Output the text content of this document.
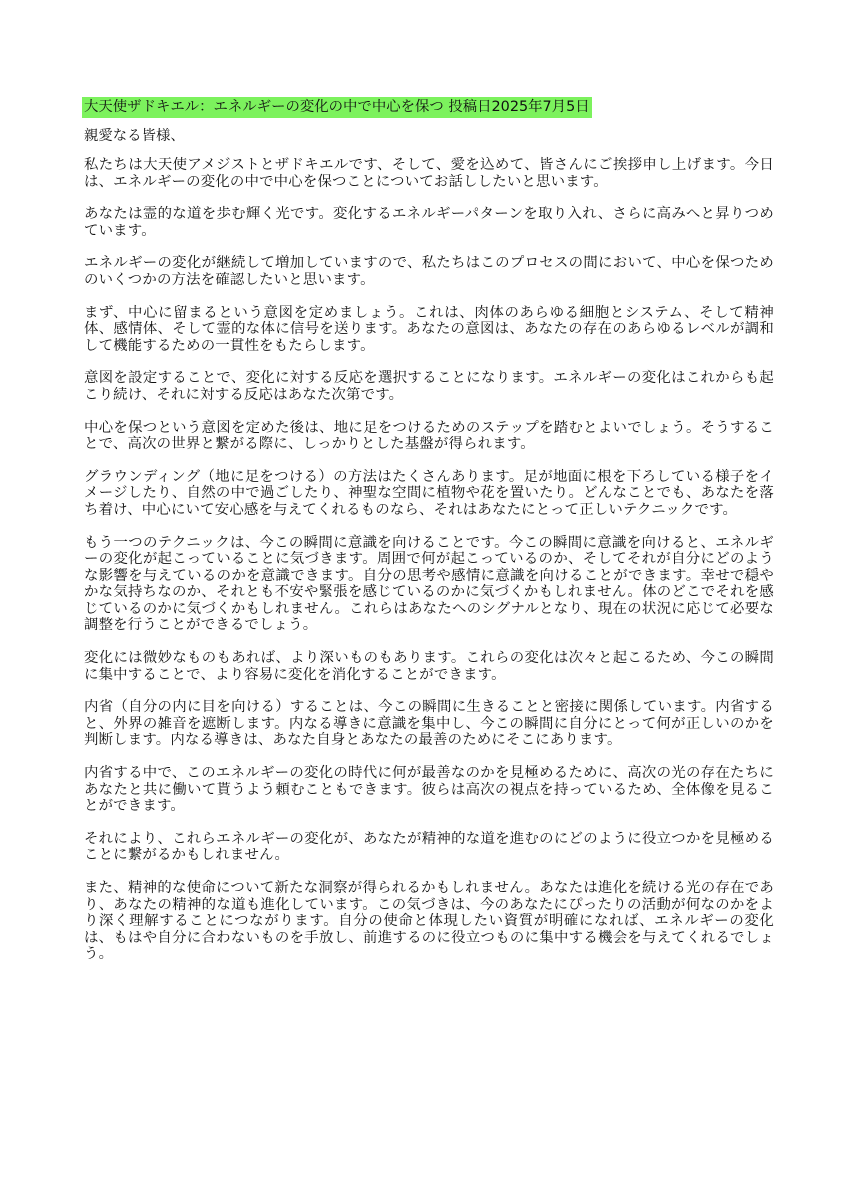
大天使ザドキエル：エネルギーの変化の中で中心を保つ 投稿日2025年7月5日
親愛なる皆様、

私たちは大天使アメジストとザドキエルです、そして、愛を込めて、皆さんにご挨拶申し上げます。今日は、エネルギーの変化の中で中心を保つことについてお話ししたいと思います。

あなたは霊的な道を歩む輝く光です。変化するエネルギーパターンを取り入れ、さらに高みへと昇りつめています。

エネルギーの変化が継続して増加していますので、私たちはこのプロセスの間において、中心を保つためのいくつかの方法を確認したいと思います。

まず、中心に留まるという意図を定めましょう。これは、肉体のあらゆる細胞とシステム、そして精神体、感情体、そして霊的な体に信号を送ります。あなたの意図は、あなたの存在のあらゆるレベルが調和して機能するための一貫性をもたらします。

意図を設定することで、変化に対する反応を選択することになります。エネルギーの変化はこれからも起こり続け、それに対する反応はあなた次第です。

中心を保つという意図を定めた後は、地に足をつけるためのステップを踏むとよいでしょう。そうすることで、高次の世界と繋がる際に、しっかりとした基盤が得られます。

グラウンディング（地に足をつける）の方法はたくさんあります。足が地面に根を下ろしている様子をイメージしたり、自然の中で過ごしたり、神聖な空間に植物や花を置いたり。どんなことでも、あなたを落ち着け、中心にいて安心感を与えてくれるものなら、それはあなたにとって正しいテクニックです。

もう一つのテクニックは、今この瞬間に意識を向けることです。今この瞬間に意識を向けると、エネルギーの変化が起こっていることに気づきます。周囲で何が起こっているのか、そしてそれが自分にどのような影響を与えているのかを意識できます。自分の思考や感情に意識を向けることができます。幸せで穏やかな気持ちなのか、それとも不安や緊張を感じているのかに気づくかもしれません。体のどこでそれを感じているのかに気づくかもしれません。これらはあなたへのシグナルとなり、現在の状況に応じて必要な調整を行うことができるでしょう。

変化には微妙なものもあれば、より深いものもあります。これらの変化は次々と起こるため、今この瞬間に集中することで、より容易に変化を消化することができます。

内省（自分の内に目を向ける）することは、今この瞬間に生きることと密接に関係しています。内省すると、外界の雑音を遮断します。内なる導きに意識を集中し、今この瞬間に自分にとって何が正しいのかを判断します。内なる導きは、あなた自身とあなたの最善のためにそこにあります。

内省する中で、このエネルギーの変化の時代に何が最善なのかを見極めるために、高次の光の存在たちにあなたと共に働いて貰うよう頼むこともできます。彼らは高次の視点を持っているため、全体像を見ることができます。

それにより、これらエネルギーの変化が、あなたが精神的な道を進むのにどのように役立つかを見極めることに繋がるかもしれません。

また、精神的な使命について新たな洞察が得られるかもしれません。あなたは進化を続ける光の存在であり、あなたの精神的な道も進化しています。この気づきは、今のあなたにぴったりの活動が何なのかをより深く理解することにつながります。自分の使命と体現したい資質が明確になれば、エネルギーの変化は、もはや自分に合わないものを手放し、前進するのに役立つものに集中する機会を与えてくれるでしょう。
